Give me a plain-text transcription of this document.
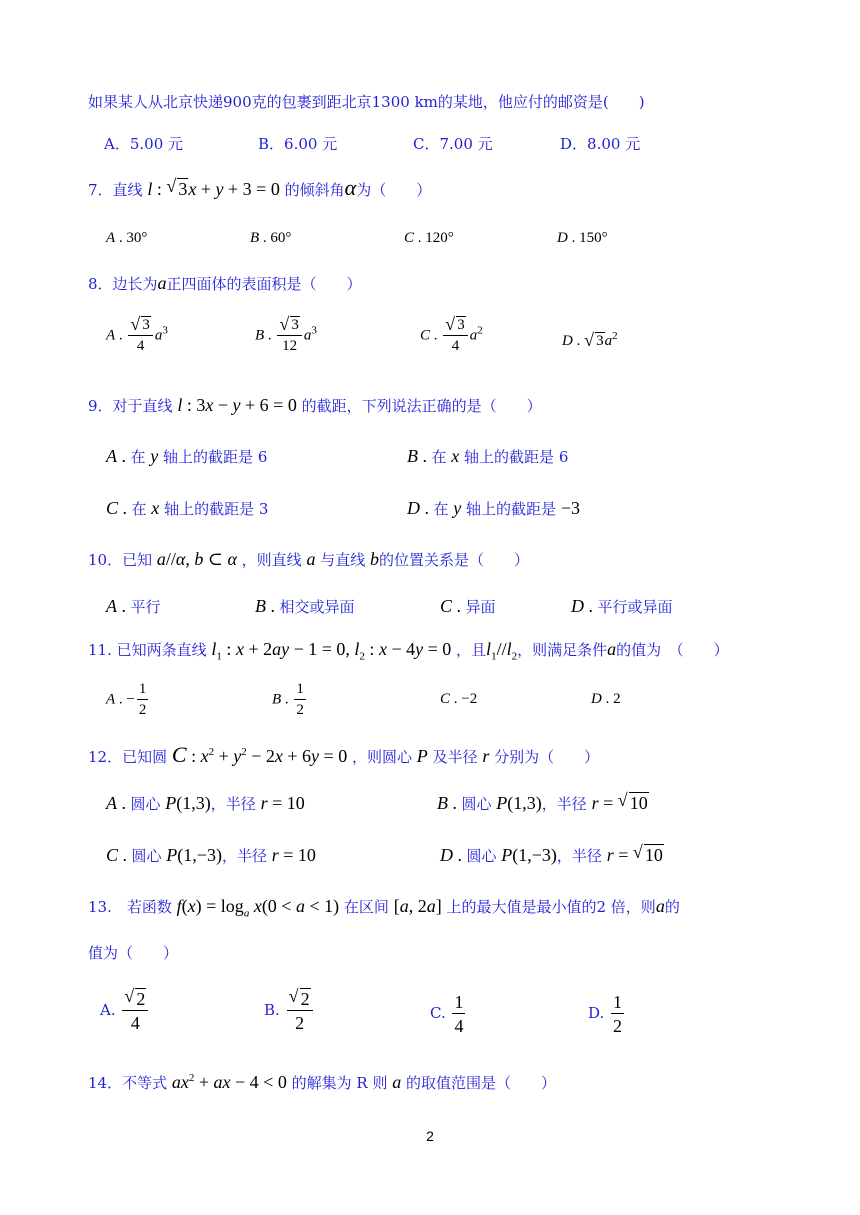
如果某人从北京快递900克的包裹到距北京1300 km的某地，他应付的邮资是(　　)
A．5.00 元	B．6.00 元	C．7.00 元	D．8.00 元
7．直线 l : √ 3x + y + 3 = 0 的倾斜角α为（　　）
A . 30°	B . 60°	C . 120°	D . 150°
8．边长为a正四面体的表面积是（　　）
A . $\frac{√ 3}{4} a^3$	B . $\frac{√ 3}{12} a^3$	C . $\frac{√ 3}{4} a^2$
D . √ $3a^2$
9．对于直线 l : 3x − y + 6 = 0 的截距，下列说法正确的是（　　）
A . 在 y 轴上的截距是 6	B . 在 x 轴上的截距是 6
C . 在 x 轴上的截距是 3	D . 在 y 轴上的截距是 −3
10．已知 a//α, b ⊂ α ，则直线 a 与直线 b的位置关系是（　　）
A . 平行	B . 相交或异面	C . 异面	D . 平行或异面
11. 已知两条直线 $l_1$ : x + 2ay − 1 = 0, $l_2$ : x − 4y = 0 ，且$l_1//l_2$，则满足条件a的值为　（　　）
A . − $\frac{1}{2}$	B . $\frac{1}{2}$	C . −2	D . 2
12．已知圆 C : $x^2 + y^2 - 2x + 6y = 0$ ，则圆心 P 及半径 r 分别为（　　）
A . 圆心 P(1,3)，半径 r = 10	B . 圆心 P(1,3)，半径 r = √ 10
C . 圆心 P(1,−3)，半径 r = 10	D . 圆心 P(1,−3)，半径 r = √ 10
13.　若函数 $f(x) = \log_a x(0 < a < 1)$ 在区间 [a, 2a] 上的最大值是最小值的2 倍，则a的
值为（　　）
A. $\frac{√ 2}{4}$	B. $\frac{√ 2}{2}$	C. $\frac{1}{4}$	D. $\frac{1}{2}$
14．不等式 $ax^2$ + ax − 4 < 0 的解集为 R 则 a 的取值范围是（　　）
2
